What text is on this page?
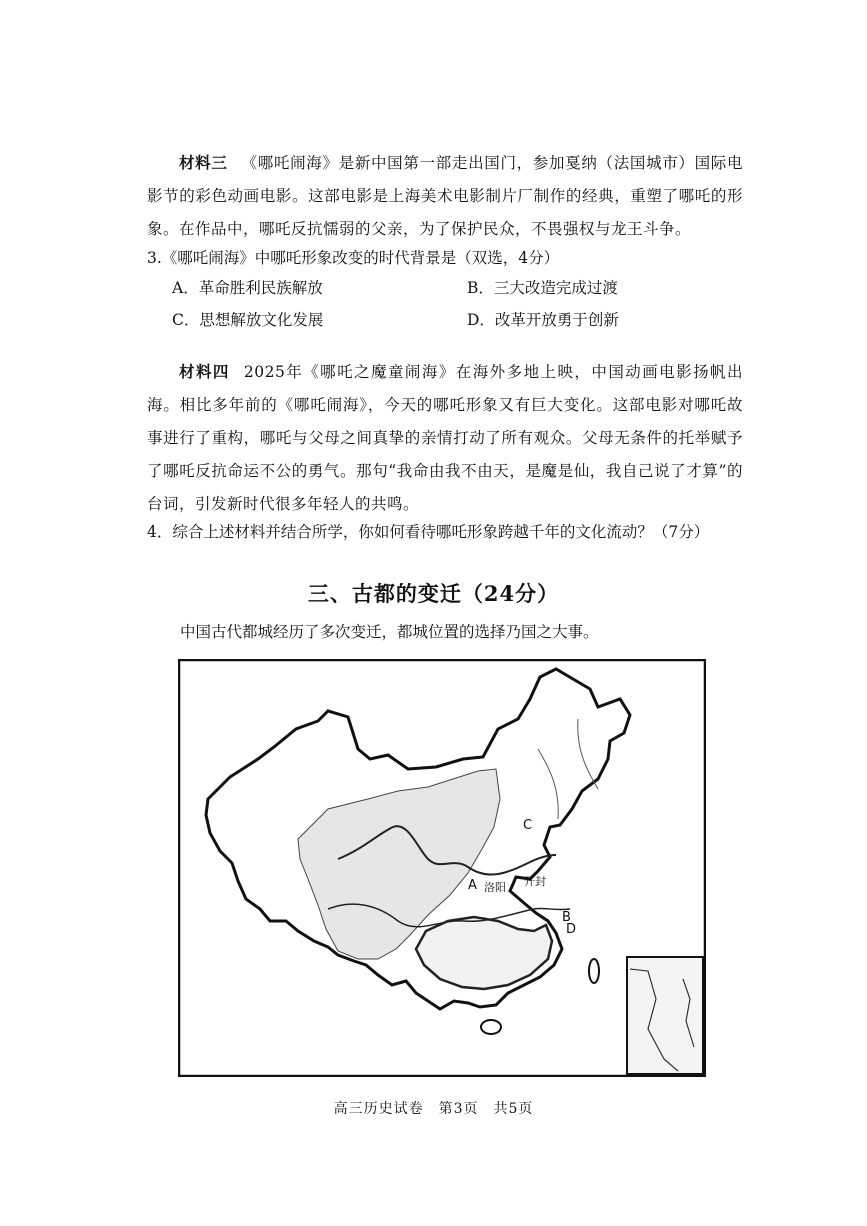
材料三 《哪吒闹海》是新中国第一部走出国门，参加戛纳（法国城市）国际电影节的彩色动画电影。这部电影是上海美术电影制片厂制作的经典，重塑了哪吒的形象。在作品中，哪吒反抗懦弱的父亲，为了保护民众，不畏强权与龙王斗争。
3.《哪吒闹海》中哪吒形象改变的时代背景是（双选，4分）
A．革命胜利民族解放	B．三大改造完成过渡
C．思想解放文化发展	D．改革开放勇于创新
材料四 2025年《哪吒之魔童闹海》在海外多地上映，中国动画电影扬帆出海。相比多年前的《哪吒闹海》，今天的哪吒形象又有巨大变化。这部电影对哪吒故事进行了重构，哪吒与父母之间真挚的亲情打动了所有观众。父母无条件的托举赋予了哪吒反抗命运不公的勇气。那句“我命由我不由天，是魔是仙，我自己说了才算”的台词，引发新时代很多年轻人的共鸣。
4．综合上述材料并结合所学，你如何看待哪吒形象跨越千年的文化流动？（7分）
三、古都的变迁（24分）
中国古代都城经历了多次变迁，都城位置的选择乃国之大事。
A 洛阳 开封
C
B
D
高三历史试卷　第3页　共5页
